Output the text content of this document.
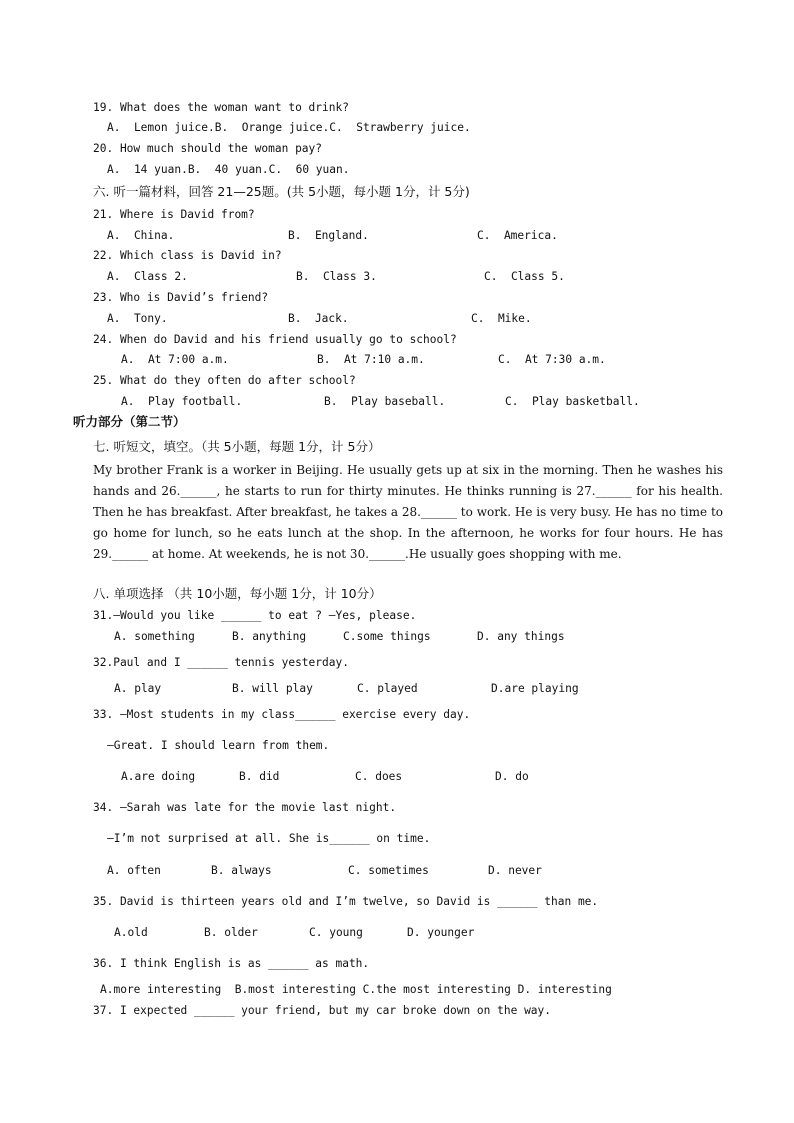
19. What does the woman want to drink?
A.  Lemon juice.B.  Orange juice.C.  Strawberry juice.
20. How much should the woman pay?
A.  14 yuan.B.  40 yuan.C.  60 yuan.
六. 听一篇材料，回答 21—25题。(共 5小题，每小题 1分，计 5分)
21. Where is David from?
A.  China.	B.  England.	C.  America.
22. Which class is David in?
A.  Class 2.	B.  Class 3.	C.  Class 5.
23. Who is David’s friend?
A.  Tony.	B.  Jack.	C.  Mike.
24. When do David and his friend usually go to school?
A.  At 7:00 a.m.	B.  At 7:10 a.m.	C.  At 7:30 a.m.
25. What do they often do after school?
A.  Play football.	B.  Play baseball.	C.  Play basketball.
听力部分（第二节）
七. 听短文，填空。（共 5小题，每题 1分，计 5分）
My brother Frank is a worker in Beijing. He usually gets up at six in the morning. Then he washes his hands and 26.______, he starts to run for thirty minutes. He thinks running is 27.______ for his health. Then he has breakfast. After breakfast, he takes a 28.______ to work. He is very busy. He has no time to go home for lunch, so he eats lunch at the shop. In the afternoon, he works for four hours. He has 29.______ at home. At weekends, he is not 30.______.He usually goes shopping with me.
八. 单项选择 （共 10小题，每小题 1分，计 10分）
31.—Would you like ______ to eat ? —Yes, please.
A. something	B. anything	C.some things	D. any things
32.Paul and I ______ tennis yesterday.
A. play	B. will play	C. played	D.are playing
33. —Most students in my class______ exercise every day.
—Great. I should learn from them.
A.are doing	B. did	C. does	D. do
34. —Sarah was late for the movie last night.
—I’m not surprised at all. She is______ on time.
A. often	B. always	C. sometimes	D. never
35. David is thirteen years old and I’m twelve, so David is ______ than me.
A.old	B. older	C. young	D. younger
36. I think English is as ______ as math.
A.more interesting  B.most interesting C.the most interesting D. interesting
37. I expected ______ your friend, but my car broke down on the way.
